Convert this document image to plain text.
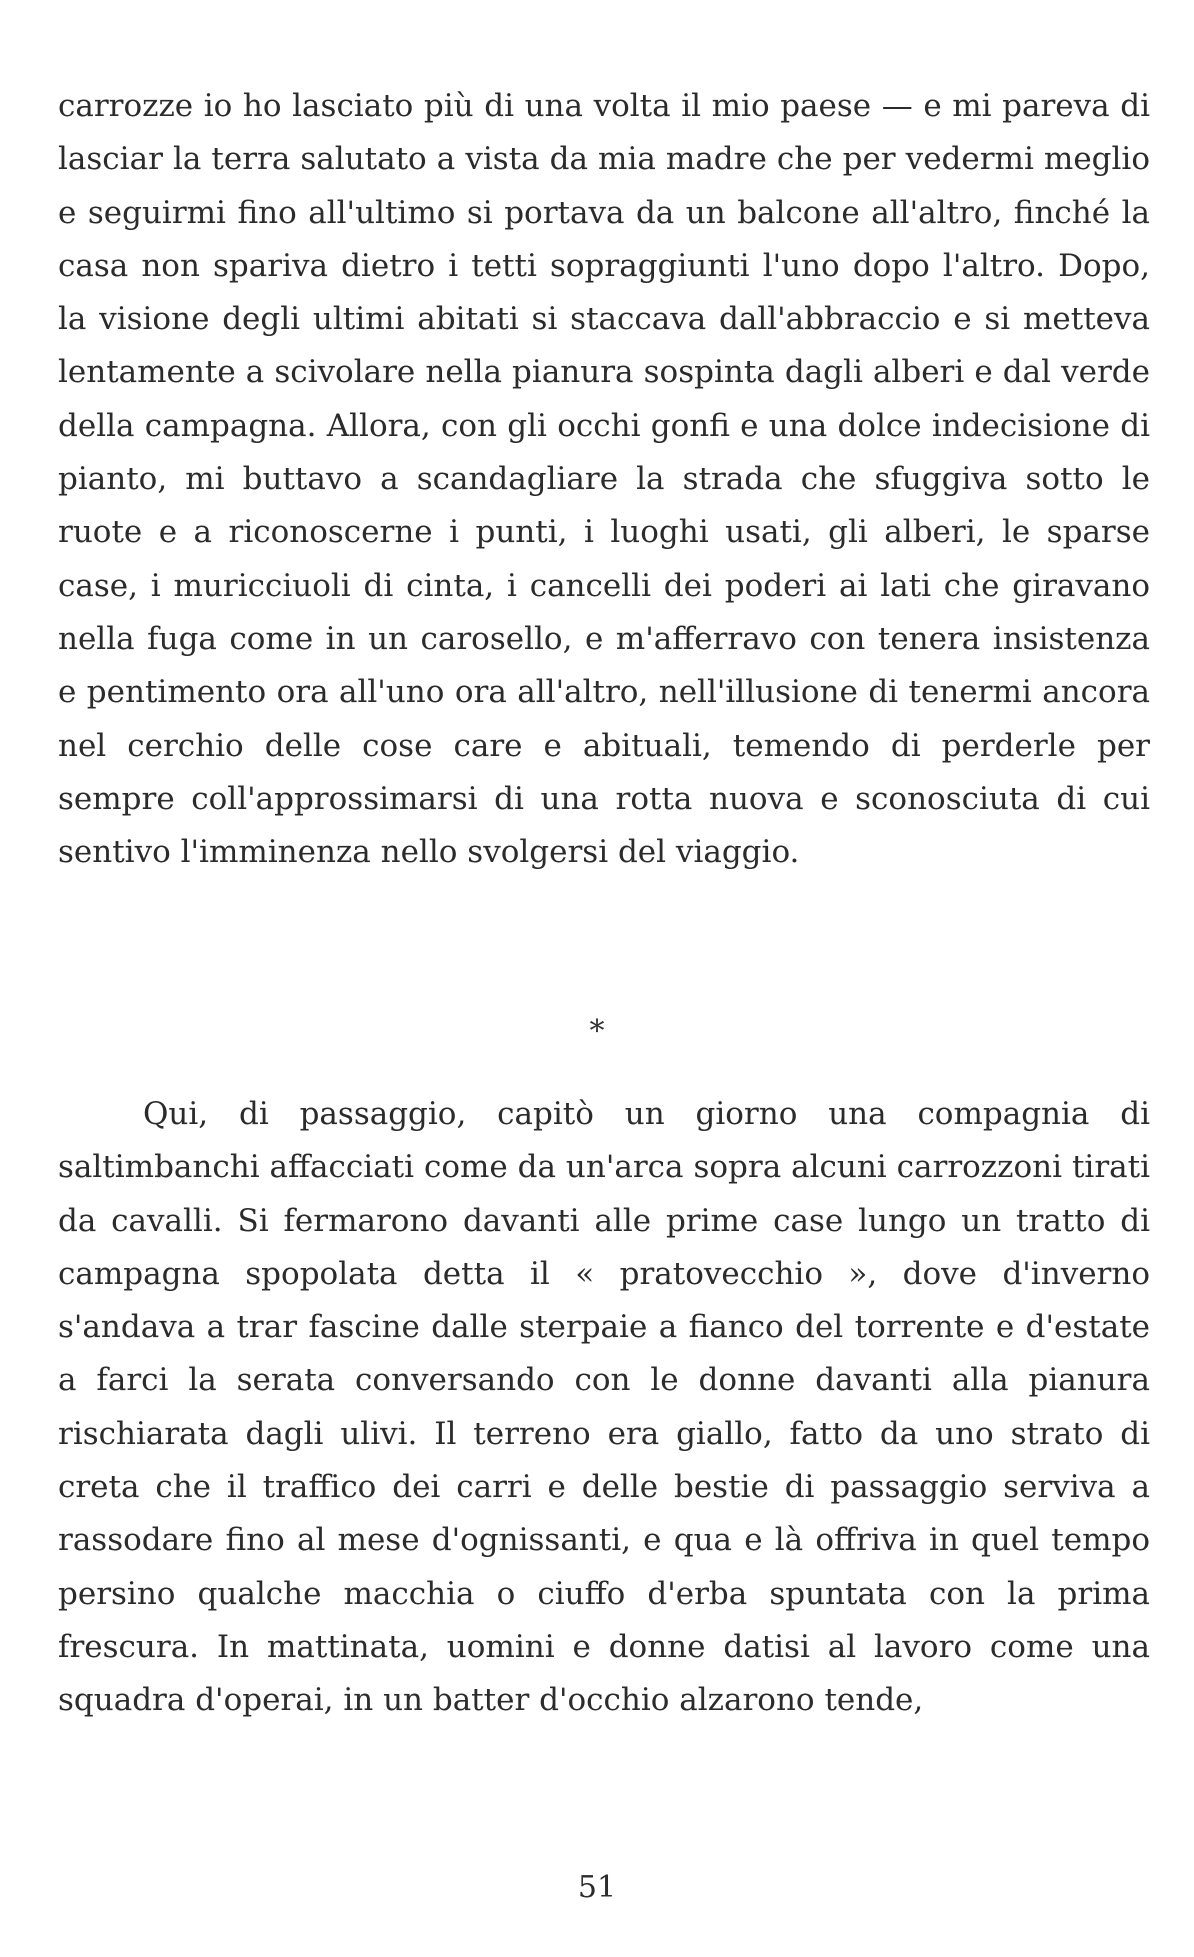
carrozze io ho lasciato più di una volta il mio paese — e mi pareva di lasciar la terra salutato a vista da mia madre che per vedermi meglio e seguirmi fino all'ultimo si portava da un balcone all'altro, finché la casa non spariva dietro i tetti sopraggiunti l'uno dopo l'altro. Dopo, la visione degli ultimi abitati si staccava dall'abbraccio e si metteva lentamente a scivolare nella pianura sospinta dagli alberi e dal verde della campagna. Allora, con gli occhi gonfi e una dolce indecisione di pianto, mi buttavo a scandagliare la strada che sfuggiva sotto le ruote e a riconoscerne i punti, i luoghi usati, gli alberi, le sparse case, i muricciuoli di cinta, i cancelli dei poderi ai lati che giravano nella fuga come in un carosello, e m'afferravo con tenera insistenza e pentimento ora all'uno ora all'altro, nell'illusione di tenermi ancora nel cerchio delle cose care e abituali, temendo di perderle per sempre coll'approssimarsi di una rotta nuova e sconosciuta di cui sentivo l'imminenza nello svolgersi del viaggio.

*

Qui, di passaggio, capitò un giorno una compagnia di saltimbanchi affacciati come da un'arca sopra alcuni carrozzoni tirati da cavalli. Si fermarono davanti alle prime case lungo un tratto di campagna spopolata detta il « pratovecchio », dove d'inverno s'andava a trar fascine dalle sterpaie a fianco del torrente e d'estate a farci la serata conversando con le donne davanti alla pianura rischiarata dagli ulivi. Il terreno era giallo, fatto da uno strato di creta che il traffico dei carri e delle bestie di passaggio serviva a rassodare fino al mese d'ognissanti, e qua e là offriva in quel tempo persino qualche macchia o ciuffo d'erba spuntata con la prima frescura. In mattinata, uomini e donne datisi al lavoro come una squadra d'operai, in un batter d'occhio alzarono tende,

51
